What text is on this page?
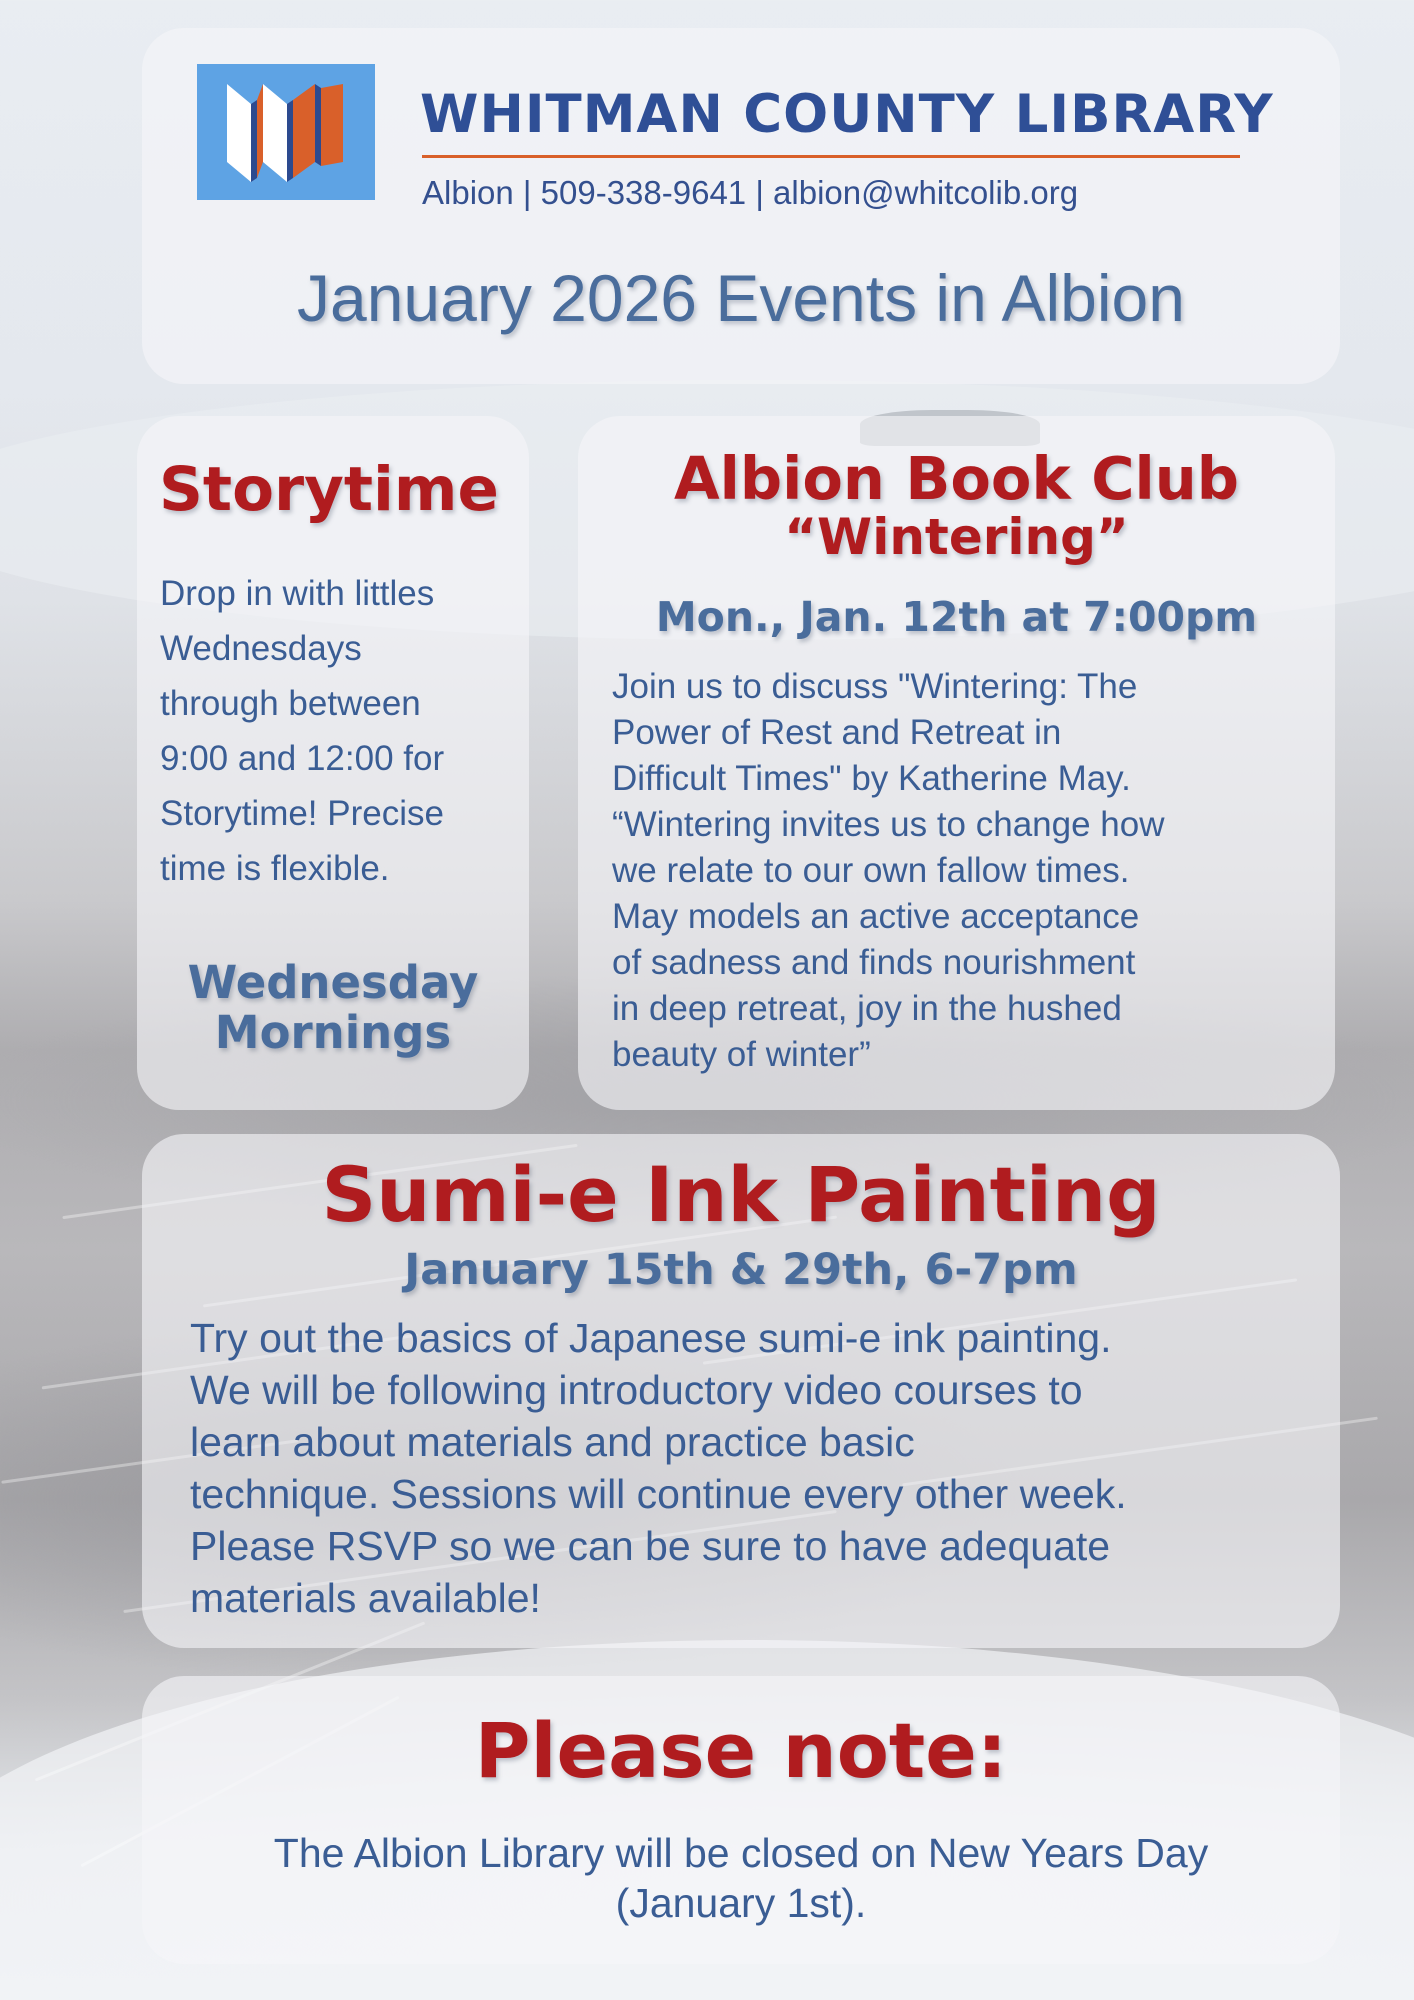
WHITMAN COUNTY LIBRARY
Albion | 509-338-9641 | albion@whitcolib.org
January 2026 Events in Albion
Storytime
Drop in with littles
Wednesdays
through between
9:00 and 12:00 for
Storytime! Precise
time is flexible.
Wednesday
Mornings
Albion Book Club
“Wintering”
Mon., Jan. 12th at 7:00pm
Join us to discuss "Wintering: The
Power of Rest and Retreat in
Difficult Times" by Katherine May.
“Wintering invites us to change how
we relate to our own fallow times.
May models an active acceptance
of sadness and finds nourishment
in deep retreat, joy in the hushed
beauty of winter”
Sumi-e Ink Painting
January 15th & 29th, 6-7pm
Try out the basics of Japanese sumi-e ink painting.
We will be following introductory video courses to
learn about materials and practice basic
technique. Sessions will continue every other week.
Please RSVP so we can be sure to have adequate
materials available!
Please note:
The Albion Library will be closed on New Years Day
(January 1st).
